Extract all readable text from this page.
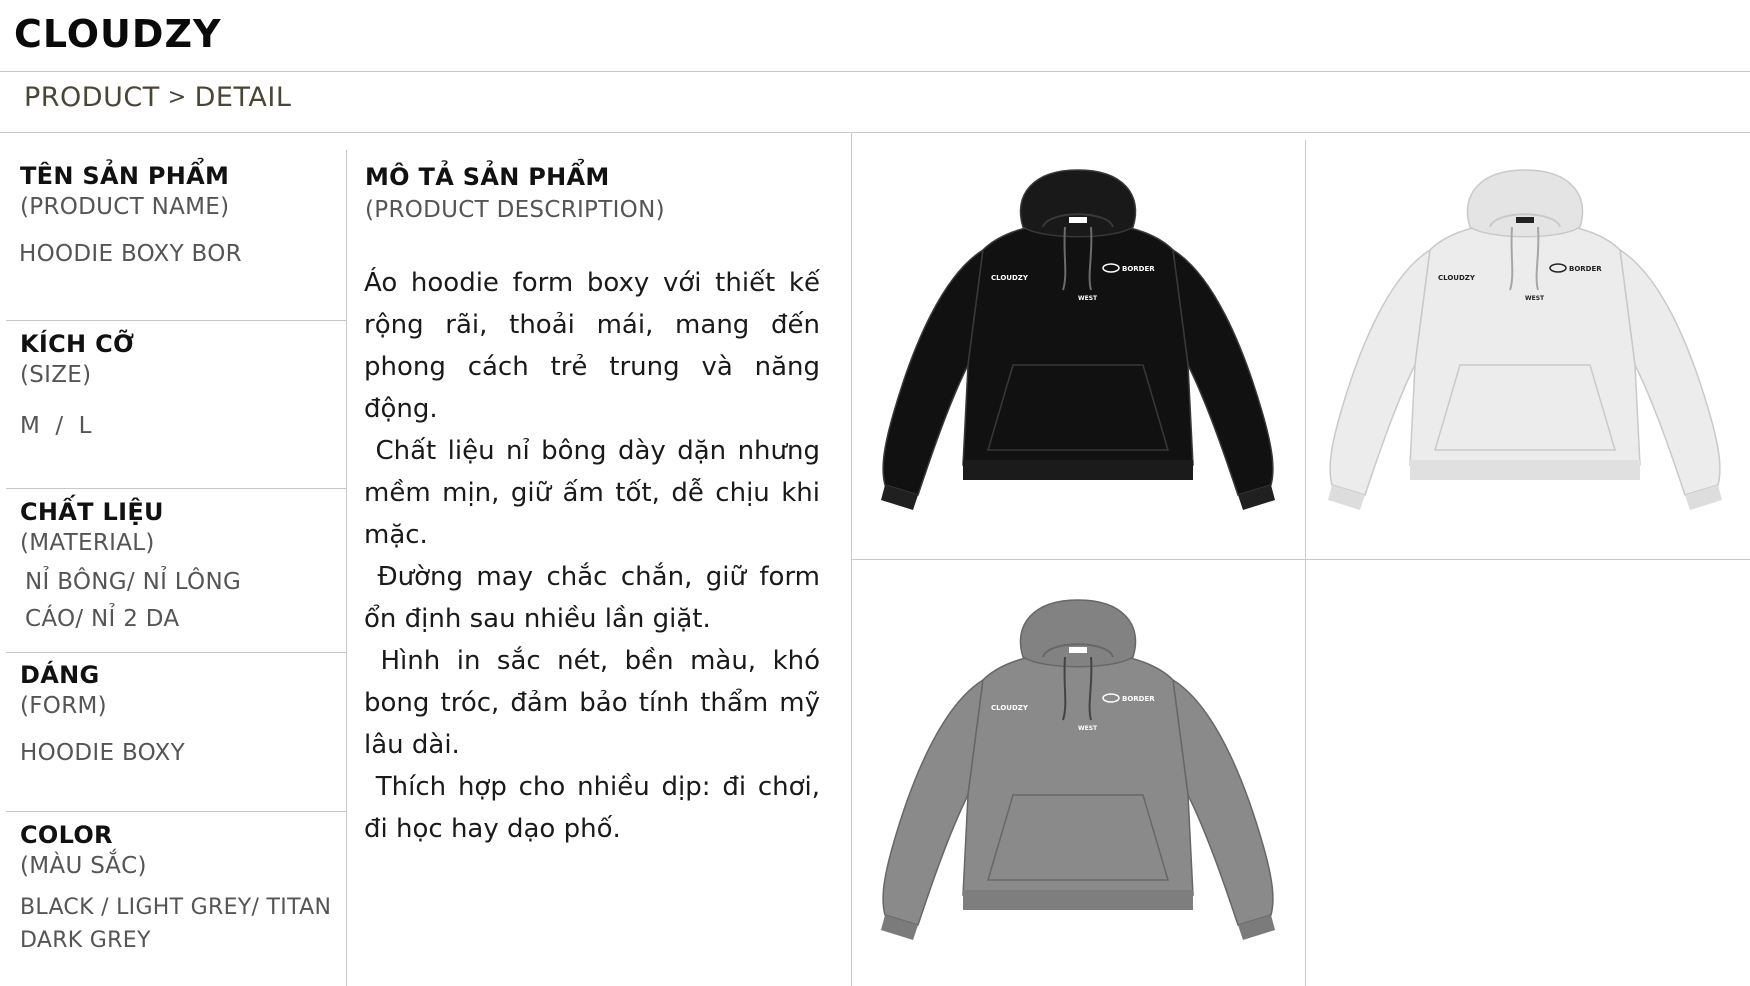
CLOUDZY
PRODUCT > DETAIL
TÊN SẢN PHẨM
(PRODUCT NAME)
HOODIE BOXY BOR
KÍCH CỠ
(SIZE)
M  /  L
CHẤT LIỆU
(MATERIAL)
NỈ BÔNG/ NỈ LÔNG
CÁO/ NỈ 2 DA
DÁNG
(FORM)
HOODIE BOXY
COLOR
(MÀU SẮC)
BLACK / LIGHT GREY/ TITAN
DARK GREY
MÔ TẢ SẢN PHẨM
(PRODUCT DESCRIPTION)

Áo hoodie form boxy với thiết kế rộng rãi, thoải mái, mang đến phong cách trẻ trung và năng động.

Chất liệu nỉ bông dày dặn nhưng mềm mịn, giữ ấm tốt, dễ chịu khi mặc.

Đường may chắc chắn, giữ form ổn định sau nhiều lần giặt.

Hình in sắc nét, bền màu, khó bong tróc, đảm bảo tính thẩm mỹ lâu dài.

Thích hợp cho nhiều dịp: đi chơi, đi học hay dạo phố.

CLOUDZY
BORDER
WEST
CLOUDZY
BORDER
WEST
CLOUDZY
BORDER
WEST
